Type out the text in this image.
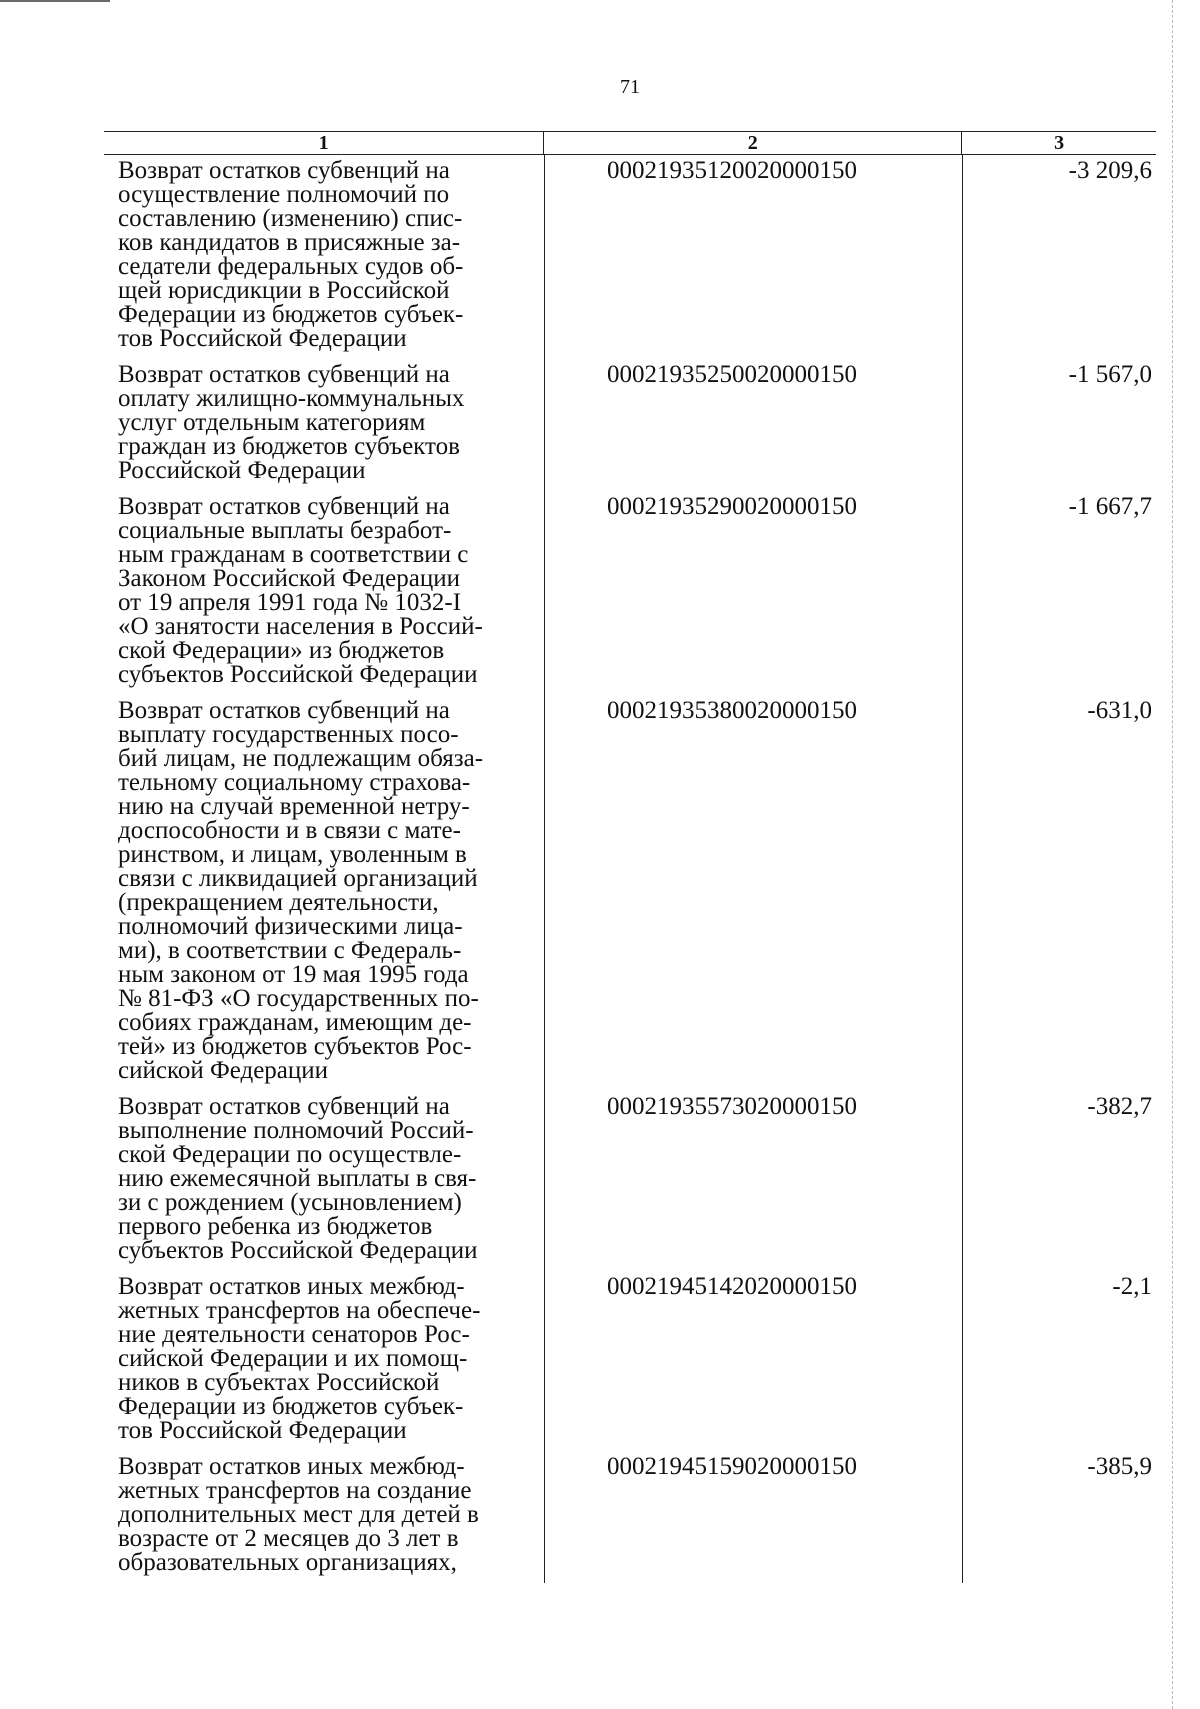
71
1	2	3
Возврат остатков субвенций на
осуществление полномочий по
составлению (изменению) спис-
ков кандидатов в присяжные за-
седатели федеральных судов об-
щей юрисдикции в Российской
Федерации из бюджетов субъек-
тов Российской Федерации
00021935120020000150	-3 209,6
Возврат остатков субвенций на
оплату жилищно-коммунальных
услуг отдельным категориям
граждан из бюджетов субъектов
Российской Федерации
00021935250020000150	-1 567,0
Возврат остатков субвенций на
социальные выплаты безработ-
ным гражданам в соответствии с
Законом Российской Федерации
от 19 апреля 1991 года № 1032-I
«О занятости населения в Россий-
ской Федерации» из бюджетов
субъектов Российской Федерации
00021935290020000150	-1 667,7
Возврат остатков субвенций на
выплату государственных посо-
бий лицам, не подлежащим обяза-
тельному социальному страхова-
нию на случай временной нетру-
доспособности и в связи с мате-
ринством, и лицам, уволенным в
связи с ликвидацией организаций
(прекращением деятельности,
полномочий физическими лица-
ми), в соответствии с Федераль-
ным законом от 19 мая 1995 года
№ 81-ФЗ «О государственных по-
собиях гражданам, имеющим де-
тей» из бюджетов субъектов Рос-
сийской Федерации
00021935380020000150	-631,0
Возврат остатков субвенций на
выполнение полномочий Россий-
ской Федерации по осуществле-
нию ежемесячной выплаты в свя-
зи с рождением (усыновлением)
первого ребенка из бюджетов
субъектов Российской Федерации
00021935573020000150	-382,7
Возврат остатков иных межбюд-
жетных трансфертов на обеспече-
ние деятельности сенаторов Рос-
сийской Федерации и их помощ-
ников в субъектах Российской
Федерации из бюджетов субъек-
тов Российской Федерации
00021945142020000150	-2,1
Возврат остатков иных межбюд-
жетных трансфертов на создание
дополнительных мест для детей в
возрасте от 2 месяцев до 3 лет в
образовательных организациях,
00021945159020000150	-385,9
